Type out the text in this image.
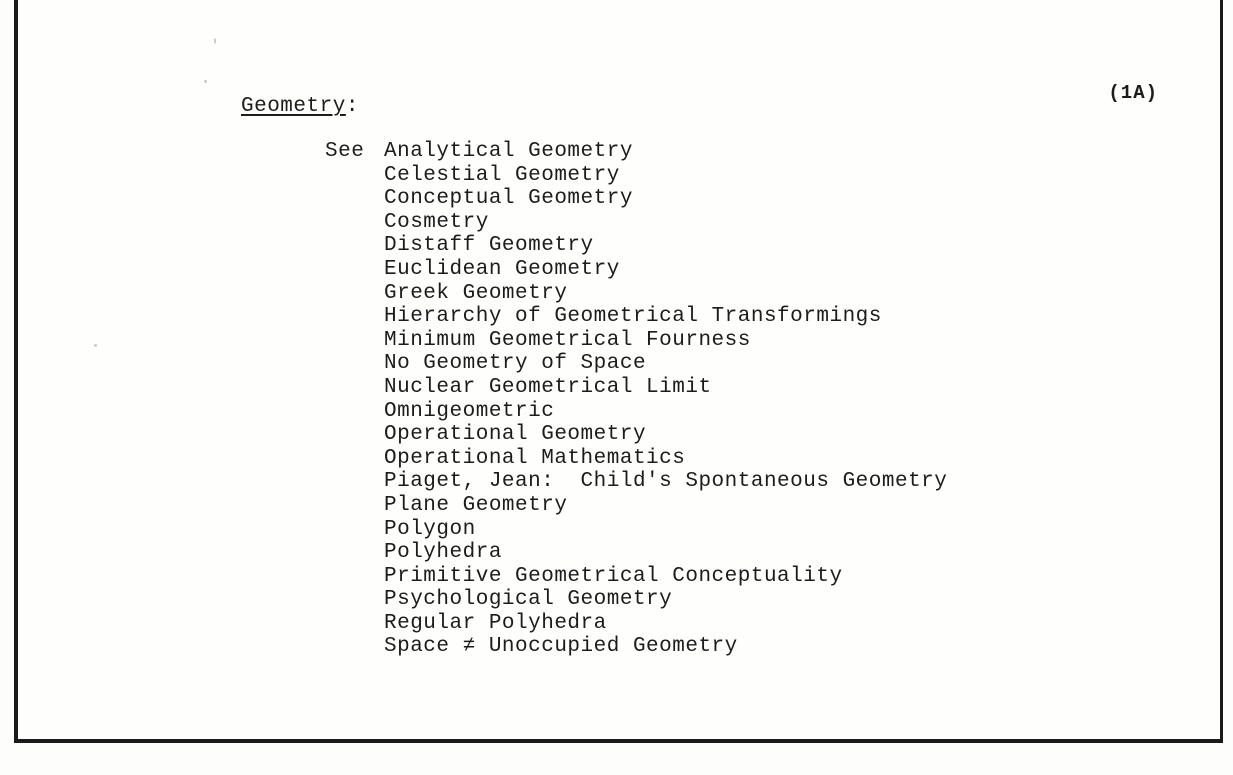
Geometry:
(1A)
See Analytical Geometry
Celestial Geometry
Conceptual Geometry
Cosmetry
Distaff Geometry
Euclidean Geometry
Greek Geometry
Hierarchy of Geometrical Transformings
Minimum Geometrical Fourness
No Geometry of Space
Nuclear Geometrical Limit
Omnigeometric
Operational Geometry
Operational Mathematics
Piaget, Jean:  Child's Spontaneous Geometry
Plane Geometry
Polygon
Polyhedra
Primitive Geometrical Conceptuality
Psychological Geometry
Regular Polyhedra
Space ≠ Unoccupied Geometry
